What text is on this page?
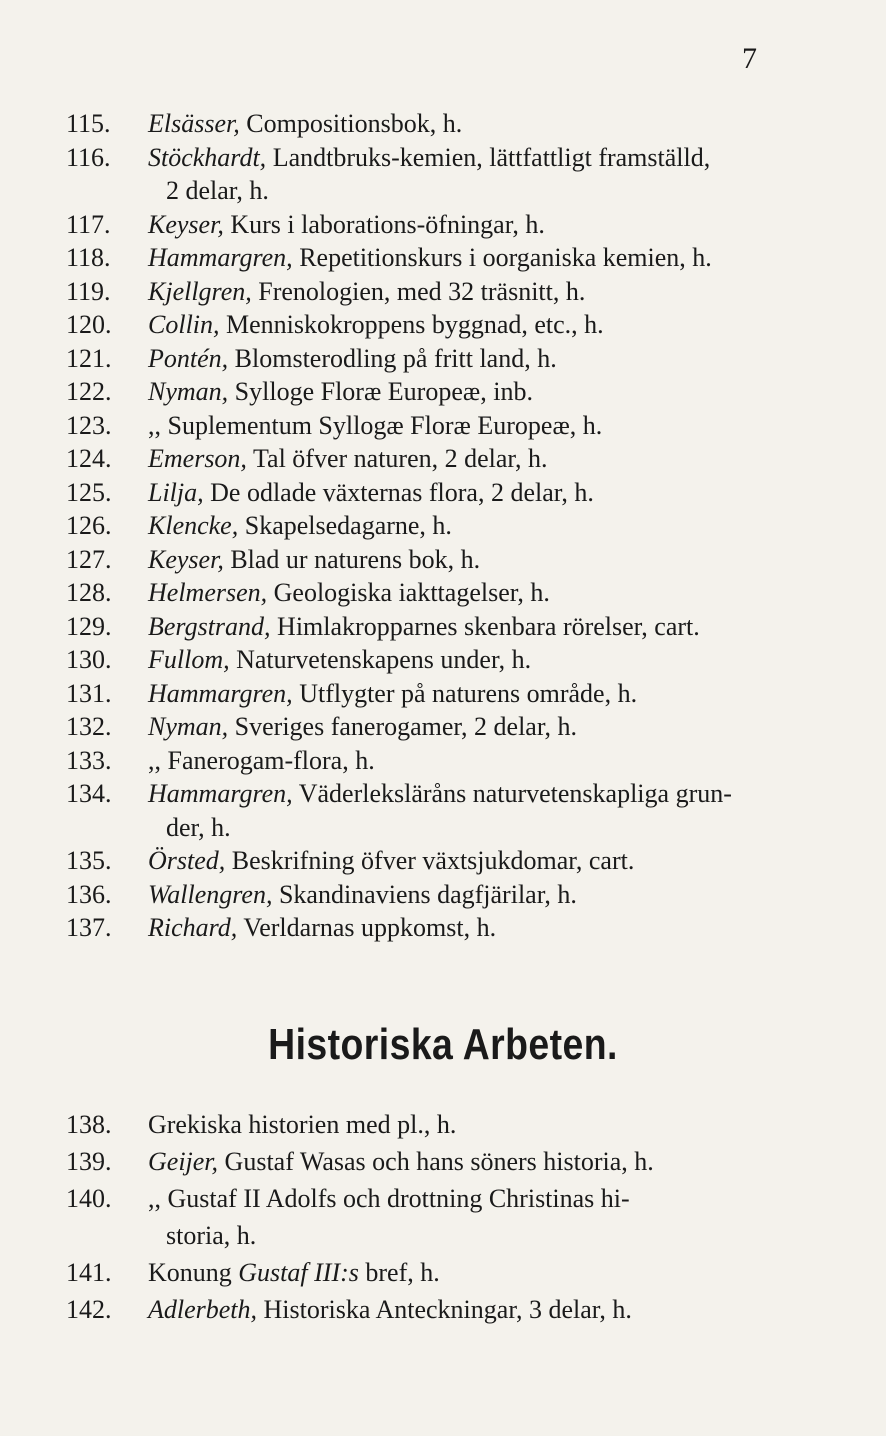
7
115.	Elsässer, Compositionsbok, h.
116.	Stöckhardt, Landtbruks-kemien, lättfattligt framställd,
2 delar, h.
117.	Keyser, Kurs i laborations-öfningar, h.
118.	Hammargren, Repetitionskurs i oorganiska kemien, h.
119.	Kjellgren, Frenologien, med 32 träsnitt, h.
120.	Collin, Menniskokroppens byggnad, etc., h.
121.	Pontén, Blomsterodling på fritt land, h.
122.	Nyman, Sylloge Floræ Europeæ, inb.
123.	,, Suplementum Syllogæ Floræ Europeæ, h.
124.	Emerson, Tal öfver naturen, 2 delar, h.
125.	Lilja, De odlade växternas flora, 2 delar, h.
126.	Klencke, Skapelsedagarne, h.
127.	Keyser, Blad ur naturens bok, h.
128.	Helmersen, Geologiska iakttagelser, h.
129.	Bergstrand, Himlakropparnes skenbara rörelser, cart.
130.	Fullom, Naturvetenskapens under, h.
131.	Hammargren, Utflygter på naturens område, h.
132.	Nyman, Sveriges fanerogamer, 2 delar, h.
133.	,, Fanerogam-flora, h.
134.	Hammargren, Väderleksläråns naturvetenskapliga grun-
der, h.
135.	Örsted, Beskrifning öfver växtsjukdomar, cart.
136.	Wallengren, Skandinaviens dagfjärilar, h.
137.	Richard, Verldarnas uppkomst, h.
138.	Grekiska historien med pl., h.
139.	Geijer, Gustaf Wasas och hans söners historia, h.
140.	,, Gustaf II Adolfs och drottning Christinas hi-
storia, h.
141.	Konung Gustaf III:s bref, h.
142.	Adlerbeth, Historiska Anteckningar, 3 delar, h.
Historiska Arbeten.
